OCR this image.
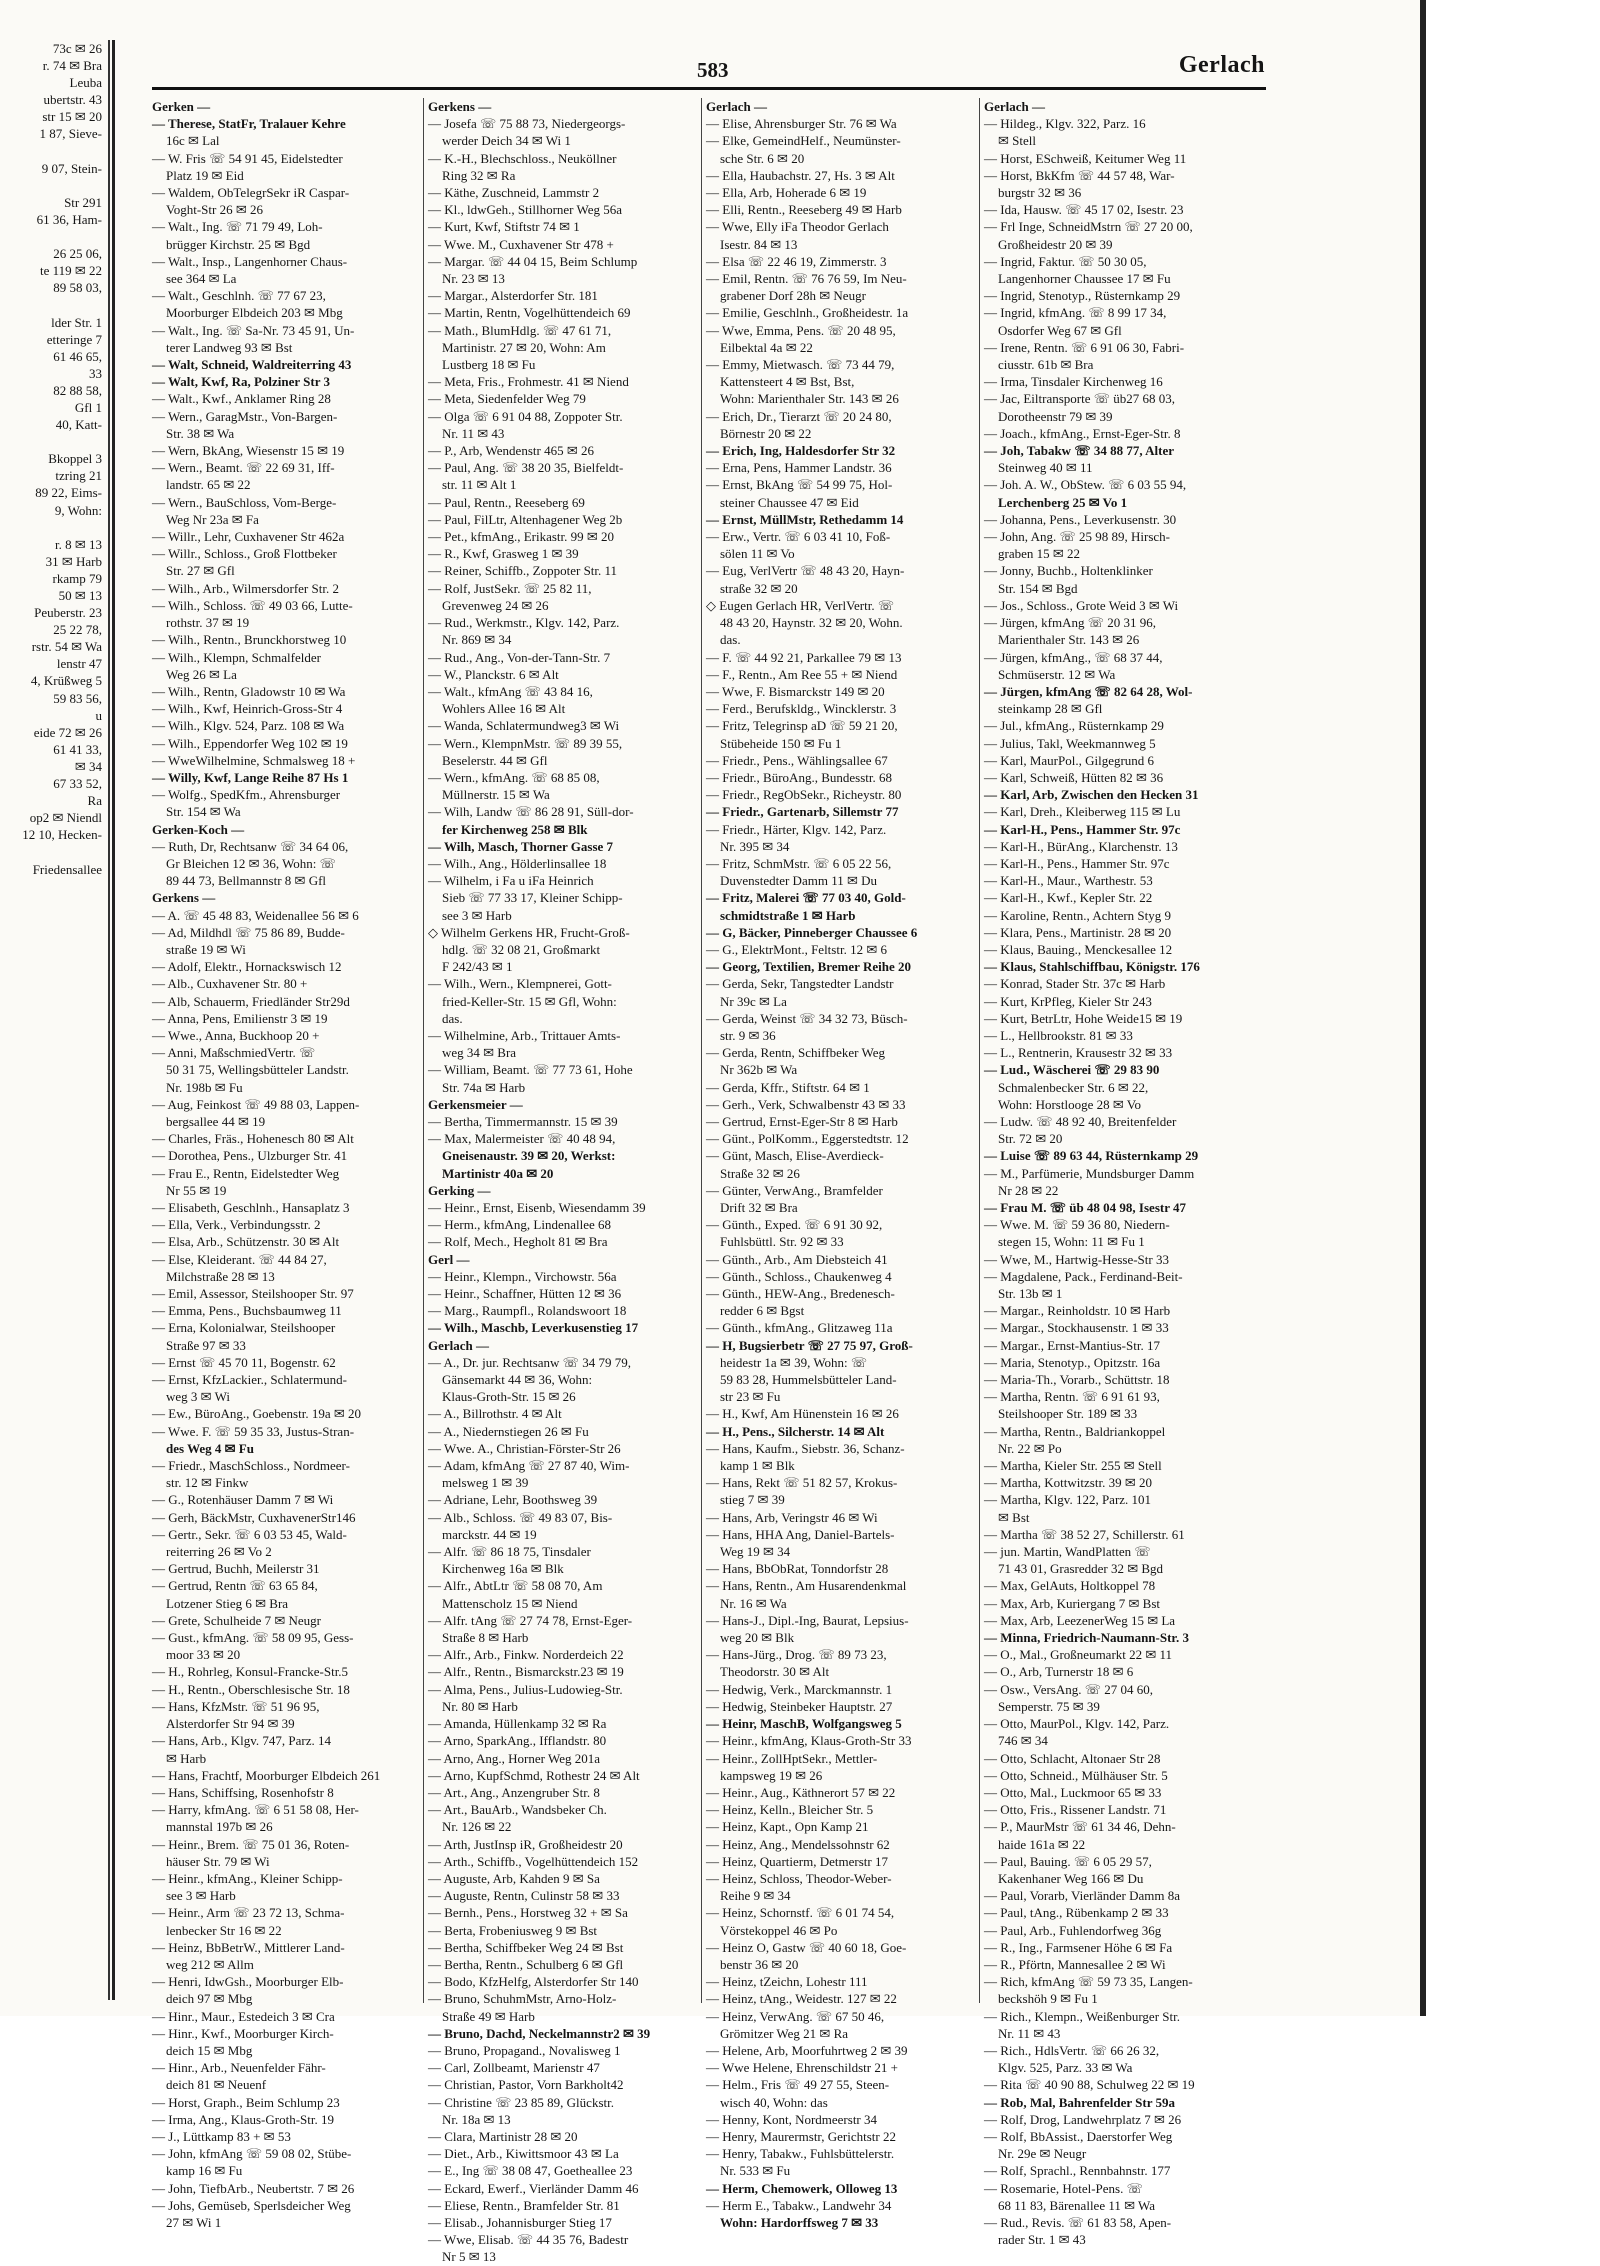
73c ✉ 26
r. 74 ✉ Bra
Leuba
ubertstr. 43
str 15 ✉ 20
1 87, Sieve-
9 07, Stein-
Str 291
61 36, Ham-
26 25 06,
te 119 ✉ 22
89 58 03,
lder Str. 1
etteringe 7
61 46 65,
33
82 88 58,
Gfl 1
40, Katt-
Bkoppel 3
tzring 21
89 22, Eims-
9, Wohn:
r. 8 ✉ 13
31 ✉ Harb
rkamp 79
50 ✉ 13
Peuberstr. 23
25 22 78,
rstr. 54 ✉ Wa
lenstr 47
4, Krüßweg 5
59 83 56,
u
eide 72 ✉ 26
61 41 33,
✉ 34
67 33 52,
Ra
op2 ✉ Niendl
12 10, Hecken-
Friedensallee
583	Gerlach
Gerken —
— Therese, StatFr, Tralauer Kehre
16c ✉ Lal
— W. Fris ☏ 54 91 45, Eidelstedter
Platz 19 ✉ Eid
— Waldem, ObTelegrSekr iR Caspar-
Voght-Str 26 ✉ 26
— Walt., Ing. ☏ 71 79 49, Loh-
brügger Kirchstr. 25 ✉ Bgd
— Walt., Insp., Langenhorner Chaus-
see 364 ✉ La
— Walt., Geschlnh. ☏ 77 67 23,
Moorburger Elbdeich 203 ✉ Mbg
— Walt., Ing. ☏ Sa-Nr. 73 45 91, Un-
terer Landweg 93 ✉ Bst
— Walt, Schneid, Waldreiterring 43
— Walt, Kwf, Ra, Polziner Str 3
— Walt., Kwf., Anklamer Ring 28
— Wern., GaragMstr., Von-Bargen-
Str. 38 ✉ Wa
— Wern, BkAng, Wiesenstr 15 ✉ 19
— Wern., Beamt. ☏ 22 69 31, Iff-
landstr. 65 ✉ 22
— Wern., BauSchloss, Vom-Berge-
Weg Nr 23a ✉ Fa
— Willr., Lehr, Cuxhavener Str 462a
— Willr., Schloss., Groß Flottbeker
Str. 27 ✉ Gfl
— Wilh., Arb., Wilmersdorfer Str. 2
— Wilh., Schloss. ☏ 49 03 66, Lutte-
rothstr. 37 ✉ 19
— Wilh., Rentn., Brunckhorstweg 10
— Wilh., Klempn, Schmalfelder
Weg 26 ✉ La
— Wilh., Rentn, Gladowstr 10 ✉ Wa
— Wilh., Kwf, Heinrich-Gross-Str 4
— Wilh., Klgv. 524, Parz. 108 ✉ Wa
— Wilh., Eppendorfer Weg 102 ✉ 19
— WweWilhelmine, Schmalsweg 18 +
— Willy, Kwf, Lange Reihe 87 Hs 1
— Wolfg., SpedKfm., Ahrensburger
Str. 154 ✉ Wa
Gerken-Koch —
— Ruth, Dr, Rechtsanw ☏ 34 64 06,
Gr Bleichen 12 ✉ 36, Wohn: ☏
89 44 73, Bellmannstr 8 ✉ Gfl
Gerkens —
— A. ☏ 45 48 83, Weidenallee 56 ✉ 6
— Ad, Mildhdl ☏ 75 86 89, Budde-
straße 19 ✉ Wi
— Adolf, Elektr., Hornackswisch 12
— Alb., Cuxhavener Str. 80 +
— Alb, Schauerm, Friedländer Str29d
— Anna, Pens, Emilienstr 3 ✉ 19
— Wwe., Anna, Buckhoop 20 +
— Anni, MaßschmiedVertr. ☏
50 31 75, Wellingsbütteler Landstr.
Nr. 198b ✉ Fu
— Aug, Feinkost ☏ 49 88 03, Lappen-
bergsallee 44 ✉ 19
— Charles, Fräs., Hohenesch 80 ✉ Alt
— Dorothea, Pens., Ulzburger Str. 41
— Frau E., Rentn, Eidelstedter Weg
Nr 55 ✉ 19
— Elisabeth, Geschlnh., Hansaplatz 3
— Ella, Verk., Verbindungsstr. 2
— Elsa, Arb., Schützenstr. 30 ✉ Alt
— Else, Kleiderant. ☏ 44 84 27,
Milchstraße 28 ✉ 13
— Emil, Assessor, Steilshooper Str. 97
— Emma, Pens., Buchsbaumweg 11
— Erna, Kolonialwar, Steilshooper
Straße 97 ✉ 33
— Ernst ☏ 45 70 11, Bogenstr. 62
— Ernst, KfzLackier., Schlatermund-
weg 3 ✉ Wi
— Ew., BüroAng., Goebenstr. 19a ✉ 20
— Wwe. F. ☏ 59 35 33, Justus-Stran-
des Weg 4 ✉ Fu
— Friedr., MaschSchloss., Nordmeer-
str. 12 ✉ Finkw
— G., Rotenhäuser Damm 7 ✉ Wi
— Gerh, BäckMstr, CuxhavenerStr146
— Gertr., Sekr. ☏ 6 03 53 45, Wald-
reiterring 26 ✉ Vo 2
— Gertrud, Buchh, Meilerstr 31
— Gertrud, Rentn ☏ 63 65 84,
Lotzener Stieg 6 ✉ Bra
— Grete, Schulheide 7 ✉ Neugr
— Gust., kfmAng. ☏ 58 09 95, Gess-
moor 33 ✉ 20
— H., Rohrleg, Konsul-Francke-Str.5
— H., Rentn., Oberschlesische Str. 18
— Hans, KfzMstr. ☏ 51 96 95,
Alsterdorfer Str 94 ✉ 39
— Hans, Arb., Klgv. 747, Parz. 14
✉ Harb
— Hans, Frachtf, Moorburger Elbdeich 261
— Hans, Schiffsing, Rosenhofstr 8
— Harry, kfmAng. ☏ 6 51 58 08, Her-
mannstal 197b ✉ 26
— Heinr., Brem. ☏ 75 01 36, Roten-
häuser Str. 79 ✉ Wi
— Heinr., kfmAng., Kleiner Schipp-
see 3 ✉ Harb
— Heinr., Arm ☏ 23 72 13, Schma-
lenbecker Str 16 ✉ 22
— Heinz, BbBetrW., Mittlerer Land-
weg 212 ✉ Allm
— Henri, IdwGsh., Moorburger Elb-
deich 97 ✉ Mbg
— Hinr., Maur., Estedeich 3 ✉ Cra
— Hinr., Kwf., Moorburger Kirch-
deich 15 ✉ Mbg
— Hinr., Arb., Neuenfelder Fähr-
deich 81 ✉ Neuenf
— Horst, Graph., Beim Schlump 23
— Irma, Ang., Klaus-Groth-Str. 19
— J., Lüttkamp 83 + ✉ 53
— John, kfmAng ☏ 59 08 02, Stübe-
kamp 16 ✉ Fu
— John, TiefbArb., Neubertstr. 7 ✉ 26
— Johs, Gemüseb, Sperlsdeicher Weg
27 ✉ Wi 1
Gerkens —
— Josefa ☏ 75 88 73, Niedergeorgs-
werder Deich 34 ✉ Wi 1
— K.-H., Blechschloss., Neuköllner
Ring 32 ✉ Ra
— Käthe, Zuschneid, Lammstr 2
— Kl., ldwGeh., Stillhorner Weg 56a
— Kurt, Kwf, Stiftstr 74 ✉ 1
— Wwe. M., Cuxhavener Str 478 +
— Margar. ☏ 44 04 15, Beim Schlump
Nr. 23 ✉ 13
— Margar., Alsterdorfer Str. 181
— Martin, Rentn, Vogelhüttendeich 69
— Math., BlumHdlg. ☏ 47 61 71,
Martinistr. 27 ✉ 20, Wohn: Am
Lustberg 18 ✉ Fu
— Meta, Fris., Frohmestr. 41 ✉ Niend
— Meta, Siedenfelder Weg 79
— Olga ☏ 6 91 04 88, Zoppoter Str.
Nr. 11 ✉ 43
— P., Arb, Wendenstr 465 ✉ 26
— Paul, Ang. ☏ 38 20 35, Bielfeldt-
str. 11 ✉ Alt 1
— Paul, Rentn., Reeseberg 69
— Paul, FilLtr, Altenhagener Weg 2b
— Pet., kfmAng., Erikastr. 99 ✉ 20
— R., Kwf, Grasweg 1 ✉ 39
— Reiner, Schiffb., Zoppoter Str. 11
— Rolf, JustSekr. ☏ 25 82 11,
Grevenweg 24 ✉ 26
— Rud., Werkmstr., Klgv. 142, Parz.
Nr. 869 ✉ 34
— Rud., Ang., Von-der-Tann-Str. 7
— W., Planckstr. 6 ✉ Alt
— Walt., kfmAng ☏ 43 84 16,
Wohlers Allee 16 ✉ Alt
— Wanda, Schlatermundweg3 ✉ Wi
— Wern., KlempnMstr. ☏ 89 39 55,
Beselerstr. 44 ✉ Gfl
— Wern., kfmAng. ☏ 68 85 08,
Müllnerstr. 15 ✉ Wa
— Wilh, Landw ☏ 86 28 91, Süll-dor-
fer Kirchenweg 258 ✉ Blk
— Wilh, Masch, Thorner Gasse 7
— Wilh., Ang., Hölderlinsallee 18
— Wilhelm, i Fa u iFa Heinrich
Sieb ☏ 77 33 17, Kleiner Schipp-
see 3 ✉ Harb
◇ Wilhelm Gerkens HR, Frucht-Groß-
hdlg. ☏ 32 08 21, Großmarkt
F 242/43 ✉ 1
— Wilh., Wern., Klempnerei, Gott-
fried-Keller-Str. 15 ✉ Gfl, Wohn:
das.
— Wilhelmine, Arb., Trittauer Amts-
weg 34 ✉ Bra
— William, Beamt. ☏ 77 73 61, Hohe
Str. 74a ✉ Harb
Gerkensmeier —
— Bertha, Timmermannstr. 15 ✉ 39
— Max, Malermeister ☏ 40 48 94,
Gneisenaustr. 39 ✉ 20, Werkst:
Martinistr 40a ✉ 20
Gerking —
— Heinr., Ernst, Eisenb, Wiesendamm 39
— Herm., kfmAng, Lindenallee 68
— Rolf, Mech., Hegholt 81 ✉ Bra
Gerl —
— Heinr., Klempn., Virchowstr. 56a
— Heinr., Schaffner, Hütten 12 ✉ 36
— Marg., Raumpfl., Rolandswoort 18
— Wilh., Maschb, Leverkusenstieg 17
Gerlach —
— A., Dr. jur. Rechtsanw ☏ 34 79 79,
Gänsemarkt 44 ✉ 36, Wohn:
Klaus-Groth-Str. 15 ✉ 26
— A., Billrothstr. 4 ✉ Alt
— A., Niedernstiegen 26 ✉ Fu
— Wwe. A., Christian-Förster-Str 26
— Adam, kfmAng ☏ 27 87 40, Wim-
melsweg 1 ✉ 39
— Adriane, Lehr, Boothsweg 39
— Alb., Schloss. ☏ 49 83 07, Bis-
marckstr. 44 ✉ 19
— Alfr. ☏ 86 18 75, Tinsdaler
Kirchenweg 16a ✉ Blk
— Alfr., AbtLtr ☏ 58 08 70, Am
Mattenscholz 15 ✉ Niend
— Alfr. tAng ☏ 27 74 78, Ernst-Eger-
Straße 8 ✉ Harb
— Alfr., Arb., Finkw. Norderdeich 22
— Alfr., Rentn., Bismarckstr.23 ✉ 19
— Alma, Pens., Julius-Ludowieg-Str.
Nr. 80 ✉ Harb
— Amanda, Hüllenkamp 32 ✉ Ra
— Arno, SparkAng., Ifflandstr. 80
— Arno, Ang., Horner Weg 201a
— Arno, KupfSchmd, Rothestr 24 ✉ Alt
— Art., Ang., Anzengruber Str. 8
— Art., BauArb., Wandsbeker Ch.
Nr. 126 ✉ 22
— Arth, JustInsp iR, Großheidestr 20
— Arth., Schiffb., Vogelhüttendeich 152
— Auguste, Arb, Kahden 9 ✉ Sa
— Auguste, Rentn, Culinstr 58 ✉ 33
— Bernh., Pens., Horstweg 32 + ✉ Sa
— Berta, Frobeniusweg 9 ✉ Bst
— Bertha, Schiffbeker Weg 24 ✉ Bst
— Bertha, Rentn., Schulberg 6 ✉ Gfl
— Bodo, KfzHelfg, Alsterdorfer Str 140
— Bruno, SchuhmMstr, Arno-Holz-
Straße 49 ✉ Harb
— Bruno, Dachd, Neckelmannstr2 ✉ 39
— Bruno, Propagand., Novalisweg 1
— Carl, Zollbeamt, Marienstr 47
— Christian, Pastor, Vorn Barkholt42
— Christine ☏ 23 85 89, Glückstr.
Nr. 18a ✉ 13
— Clara, Martinistr 28 ✉ 20
— Diet., Arb., Kiwittsmoor 43 ✉ La
— E., Ing ☏ 38 08 47, Goetheallee 23
— Eckard, Ewerf., Vierländer Damm 46
— Eliese, Rentn., Bramfelder Str. 81
— Elisab., Johannisburger Stieg 17
— Wwe, Elisab. ☏ 44 35 76, Badestr
Nr 5 ✉ 13
Gerlach —
— Elise, Ahrensburger Str. 76 ✉ Wa
— Elke, GemeindHelf., Neumünster-
sche Str. 6 ✉ 20
— Ella, Haubachstr. 27, Hs. 3 ✉ Alt
— Ella, Arb, Hoherade 6 ✉ 19
— Elli, Rentn., Reeseberg 49 ✉ Harb
— Wwe, Elly iFa Theodor Gerlach
Isestr. 84 ✉ 13
— Elsa ☏ 22 46 19, Zimmerstr. 3
— Emil, Rentn. ☏ 76 76 59, Im Neu-
grabener Dorf 28h ✉ Neugr
— Emilie, Geschlnh., Großheidestr. 1a
— Wwe, Emma, Pens. ☏ 20 48 95,
Eilbektal 4a ✉ 22
— Emmy, Mietwasch. ☏ 73 44 79,
Kattensteert 4 ✉ Bst, Bst,
Wohn: Marienthaler Str. 143 ✉ 26
— Erich, Dr., Tierarzt ☏ 20 24 80,
Börnestr 20 ✉ 22
— Erich, Ing, Haldesdorfer Str 32
— Erna, Pens, Hammer Landstr. 36
— Ernst, BkAng ☏ 54 99 75, Hol-
steiner Chaussee 47 ✉ Eid
— Ernst, MüllMstr, Rethedamm 14
— Erw., Vertr. ☏ 6 03 41 10, Foß-
sölen 11 ✉ Vo
— Eug, VerlVertr ☏ 48 43 20, Hayn-
straße 32 ✉ 20
◇ Eugen Gerlach HR, VerlVertr. ☏
48 43 20, Haynstr. 32 ✉ 20, Wohn.
das.
— F. ☏ 44 92 21, Parkallee 79 ✉ 13
— F., Rentn., Am Ree 55 + ✉ Niend
— Wwe, F. Bismarckstr 149 ✉ 20
— Ferd., Berufskldg., Wincklerstr. 3
— Fritz, Telegrinsp aD ☏ 59 21 20,
Stübeheide 150 ✉ Fu 1
— Friedr., Pens., Wählingsallee 67
— Friedr., BüroAng., Bundesstr. 68
— Friedr., RegObSekr., Richeystr. 80
— Friedr., Gartenarb, Sillemstr 77
— Friedr., Härter, Klgv. 142, Parz.
Nr. 395 ✉ 34
— Fritz, SchmMstr. ☏ 6 05 22 56,
Duvenstedter Damm 11 ✉ Du
— Fritz, Malerei ☏ 77 03 40, Gold-
schmidtstraße 1 ✉ Harb
— G, Bäcker, Pinneberger Chaussee 6
— G., ElektrMont., Feltstr. 12 ✉ 6
— Georg, Textilien, Bremer Reihe 20
— Gerda, Sekr, Tangstedter Landstr
Nr 39c ✉ La
— Gerda, Weinst ☏ 34 32 73, Büsch-
str. 9 ✉ 36
— Gerda, Rentn, Schiffbeker Weg
Nr 362b ✉ Wa
— Gerda, Kffr., Stiftstr. 64 ✉ 1
— Gerh., Verk, Schwalbenstr 43 ✉ 33
— Gertrud, Ernst-Eger-Str 8 ✉ Harb
— Günt., PolKomm., Eggerstedtstr. 12
— Günt, Masch, Elise-Averdieck-
Straße 32 ✉ 26
— Günter, VerwAng., Bramfelder
Drift 32 ✉ Bra
— Günth., Exped. ☏ 6 91 30 92,
Fuhlsbüttl. Str. 92 ✉ 33
— Günth., Arb., Am Diebsteich 41
— Günth., Schloss., Chaukenweg 4
— Günth., HEW-Ang., Bredenesch-
redder 6 ✉ Bgst
— Günth., kfmAng., Glitzaweg 11a
— H, Bugsierbetr ☏ 27 75 97, Groß-
heidestr 1a ✉ 39, Wohn: ☏
59 83 28, Hummelsbütteler Land-
str 23 ✉ Fu
— H., Kwf, Am Hünenstein 16 ✉ 26
— H., Pens., Silcherstr. 14 ✉ Alt
— Hans, Kaufm., Siebstr. 36, Schanz-
kamp 1 ✉ Blk
— Hans, Rekt ☏ 51 82 57, Krokus-
stieg 7 ✉ 39
— Hans, Arb, Veringstr 46 ✉ Wi
— Hans, HHA Ang, Daniel-Bartels-
Weg 19 ✉ 34
— Hans, BbObRat, Tonndorfstr 28
— Hans, Rentn., Am Husarendenkmal
Nr. 16 ✉ Wa
— Hans-J., Dipl.-Ing, Baurat, Lepsius-
weg 20 ✉ Blk
— Hans-Jürg., Drog. ☏ 89 73 23,
Theodorstr. 30 ✉ Alt
— Hedwig, Verk., Marckmannstr. 1
— Hedwig, Steinbeker Hauptstr. 27
— Heinr, MaschB, Wolfgangsweg 5
— Heinr., kfmAng, Klaus-Groth-Str 33
— Heinr., ZollHptSekr., Mettler-
kampsweg 19 ✉ 26
— Heinr., Aug., Käthnerort 57 ✉ 22
— Heinz, Kelln., Bleicher Str. 5
— Heinz, Kapt., Opn Kamp 21
— Heinz, Ang., Mendelssohnstr 62
— Heinz, Quartierm, Detmerstr 17
— Heinz, Schloss, Theodor-Weber-
Reihe 9 ✉ 34
— Heinz, Schornstf. ☏ 6 01 74 54,
Vörstekoppel 46 ✉ Po
— Heinz O, Gastw ☏ 40 60 18, Goe-
benstr 36 ✉ 20
— Heinz, tZeichn, Lohestr 111
— Heinz, tAng., Weidestr. 127 ✉ 22
— Heinz, VerwAng. ☏ 67 50 46,
Grömitzer Weg 21 ✉ Ra
— Helene, Arb, Moorfuhrtweg 2 ✉ 39
— Wwe Helene, Ehrenschildstr 21 +
— Helm., Fris ☏ 49 27 55, Steen-
wisch 40, Wohn: das
— Henny, Kont, Nordmeerstr 34
— Henry, Maurermstr, Gerichtstr 22
— Henry, Tabakw., Fuhlsbüttelerstr.
Nr. 533 ✉ Fu
— Herm, Chemowerk, Olloweg 13
— Herm E., Tabakw., Landwehr 34
Wohn: Hardorffsweg 7 ✉ 33
Gerlach —
— Hildeg., Klgv. 322, Parz. 16
✉ Stell
— Horst, ESchweiß, Keitumer Weg 11
— Horst, BkKfm ☏ 44 57 48, War-
burgstr 32 ✉ 36
— Ida, Hausw. ☏ 45 17 02, Isestr. 23
— Frl Inge, SchneidMstrn ☏ 27 20 00,
Großheidestr 20 ✉ 39
— Ingrid, Faktur. ☏ 50 30 05,
Langenhorner Chaussee 17 ✉ Fu
— Ingrid, Stenotyp., Rüsternkamp 29
— Ingrid, kfmAng. ☏ 8 99 17 34,
Osdorfer Weg 67 ✉ Gfl
— Irene, Rentn. ☏ 6 91 06 30, Fabri-
ciusstr. 61b ✉ Bra
— Irma, Tinsdaler Kirchenweg 16
— Jac, Eiltransporte ☏ üb27 68 03,
Dorotheenstr 79 ✉ 39
— Joach., kfmAng., Ernst-Eger-Str. 8
— Joh, Tabakw ☏ 34 88 77, Alter
Steinweg 40 ✉ 11
— Joh. A. W., ObStew. ☏ 6 03 55 94,
Lerchenberg 25 ✉ Vo 1
— Johanna, Pens., Leverkusenstr. 30
— John, Ang. ☏ 25 98 89, Hirsch-
graben 15 ✉ 22
— Jonny, Buchb., Holtenklinker
Str. 154 ✉ Bgd
— Jos., Schloss., Grote Weid 3 ✉ Wi
— Jürgen, kfmAng ☏ 20 31 96,
Marienthaler Str. 143 ✉ 26
— Jürgen, kfmAng., ☏ 68 37 44,
Schmüserstr. 12 ✉ Wa
— Jürgen, kfmAng ☏ 82 64 28, Wol-
steinkamp 28 ✉ Gfl
— Jul., kfmAng., Rüsternkamp 29
— Julius, Takl, Weekmannweg 5
— Karl, MaurPol., Gilgegrund 6
— Karl, Schweiß, Hütten 82 ✉ 36
— Karl, Arb, Zwischen den Hecken 31
— Karl, Dreh., Kleiberweg 115 ✉ Lu
— Karl-H., Pens., Hammer Str. 97c
— Karl-H., BürAng., Klarchenstr. 13
— Karl-H., Pens., Hammer Str. 97c
— Karl-H., Maur., Warthestr. 53
— Karl-H., Kwf., Kepler Str. 22
— Karoline, Rentn., Achtern Styg 9
— Klara, Pens., Martinistr. 28 ✉ 20
— Klaus, Bauing., Menckesallee 12
— Klaus, Stahlschiffbau, Königstr. 176
— Konrad, Stader Str. 37c ✉ Harb
— Kurt, KrPfleg, Kieler Str 243
— Kurt, BetrLtr, Hohe Weide15 ✉ 19
— L., Hellbrookstr. 81 ✉ 33
— L., Rentnerin, Krausestr 32 ✉ 33
— Lud., Wäscherei ☏ 29 83 90
Schmalenbecker Str. 6 ✉ 22,
Wohn: Horstlooge 28 ✉ Vo
— Ludw. ☏ 48 92 40, Breitenfelder
Str. 72 ✉ 20
— Luise ☏ 89 63 44, Rüsternkamp 29
— M., Parfümerie, Mundsburger Damm
Nr 28 ✉ 22
— Frau M. ☏ üb 48 04 98, Isestr 47
— Wwe. M. ☏ 59 36 80, Niedern-
stegen 15, Wohn: 11 ✉ Fu 1
— Wwe, M., Hartwig-Hesse-Str 33
— Magdalene, Pack., Ferdinand-Beit-
Str. 13b ✉ 1
— Margar., Reinholdstr. 10 ✉ Harb
— Margar., Stockhausenstr. 1 ✉ 33
— Margar., Ernst-Mantius-Str. 17
— Maria, Stenotyp., Opitzstr. 16a
— Maria-Th., Vorarb., Schüttstr. 18
— Martha, Rentn. ☏ 6 91 61 93,
Steilshooper Str. 189 ✉ 33
— Martha, Rentn., Baldriankoppel
Nr. 22 ✉ Po
— Martha, Kieler Str. 255 ✉ Stell
— Martha, Kottwitzstr. 39 ✉ 20
— Martha, Klgv. 122, Parz. 101
✉ Bst
— Martha ☏ 38 52 27, Schillerstr. 61
— jun. Martin, WandPlatten ☏
71 43 01, Grasredder 32 ✉ Bgd
— Max, GelAuts, Holtkoppel 78
— Max, Arb, Kuriergang 7 ✉ Bst
— Max, Arb, LeezenerWeg 15 ✉ La
— Minna, Friedrich-Naumann-Str. 3
— O., Mal., Großneumarkt 22 ✉ 11
— O., Arb, Turnerstr 18 ✉ 6
— Osw., VersAng. ☏ 27 04 60,
Semperstr. 75 ✉ 39
— Otto, MaurPol., Klgv. 142, Parz.
746 ✉ 34
— Otto, Schlacht, Altonaer Str 28
— Otto, Schneid., Mülhäuser Str. 5
— Otto, Mal., Luckmoor 65 ✉ 33
— Otto, Fris., Rissener Landstr. 71
— P., MaurMstr ☏ 61 34 46, Dehn-
haide 161a ✉ 22
— Paul, Bauing. ☏ 6 05 29 57,
Kakenhaner Weg 166 ✉ Du
— Paul, Vorarb, Vierländer Damm 8a
— Paul, tAng., Rübenkamp 2 ✉ 33
— Paul, Arb., Fuhlendorfweg 36g
— R., Ing., Farmsener Höhe 6 ✉ Fa
— R., Pförtn, Mannesallee 2 ✉ Wi
— Rich, kfmAng ☏ 59 73 35, Langen-
beckshöh 9 ✉ Fu 1
— Rich., Klempn., Weißenburger Str.
Nr. 11 ✉ 43
— Rich., HdlsVertr. ☏ 66 26 32,
Klgv. 525, Parz. 33 ✉ Wa
— Rita ☏ 40 90 88, Schulweg 22 ✉ 19
— Rob, Mal, Bahrenfelder Str 59a
— Rolf, Drog, Landwehrplatz 7 ✉ 26
— Rolf, BbAssist., Daerstorfer Weg
Nr. 29e ✉ Neugr
— Rolf, Sprachl., Rennbahnstr. 177
— Rosemarie, Hotel-Pens. ☏
68 11 83, Bärenallee 11 ✉ Wa
— Rud., Revis. ☏ 61 83 58, Apen-
rader Str. 1 ✉ 43
